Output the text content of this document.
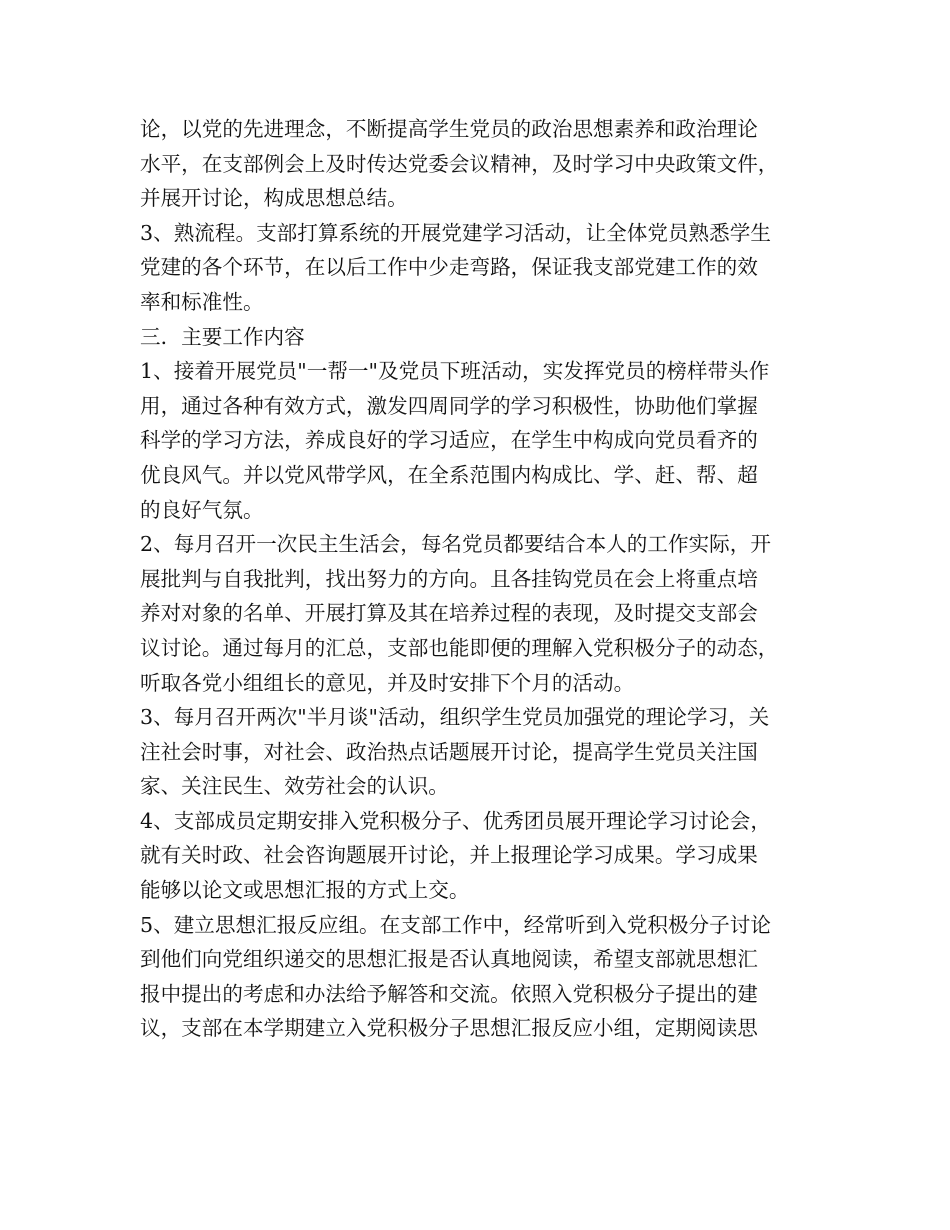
论，以党的先进理念，不断提高学生党员的政治思想素养和政治理论
水平，在支部例会上及时传达党委会议精神，及时学习中央政策文件，
并展开讨论，构成思想总结。
3、熟流程。支部打算系统的开展党建学习活动，让全体党员熟悉学生
党建的各个环节，在以后工作中少走弯路，保证我支部党建工作的效
率和标准性。
三．主要工作内容
1、接着开展党员"一帮一"及党员下班活动，实发挥党员的榜样带头作
用，通过各种有效方式，激发四周同学的学习积极性，协助他们掌握
科学的学习方法，养成良好的学习适应，在学生中构成向党员看齐的
优良风气。并以党风带学风，在全系范围内构成比、学、赶、帮、超
的良好气氛。
2、每月召开一次民主生活会，每名党员都要结合本人的工作实际，开
展批判与自我批判，找出努力的方向。且各挂钩党员在会上将重点培
养对对象的名单、开展打算及其在培养过程的表现，及时提交支部会
议讨论。通过每月的汇总，支部也能即便的理解入党积极分子的动态，
听取各党小组组长的意见，并及时安排下个月的活动。
3、每月召开两次"半月谈"活动，组织学生党员加强党的理论学习，关
注社会时事，对社会、政治热点话题展开讨论，提高学生党员关注国
家、关注民生、效劳社会的认识。
4、支部成员定期安排入党积极分子、优秀团员展开理论学习讨论会，
就有关时政、社会咨询题展开讨论，并上报理论学习成果。学习成果
能够以论文或思想汇报的方式上交。
5、建立思想汇报反应组。在支部工作中，经常听到入党积极分子讨论
到他们向党组织递交的思想汇报是否认真地阅读，希望支部就思想汇
报中提出的考虑和办法给予解答和交流。依照入党积极分子提出的建
议，支部在本学期建立入党积极分子思想汇报反应小组，定期阅读思
